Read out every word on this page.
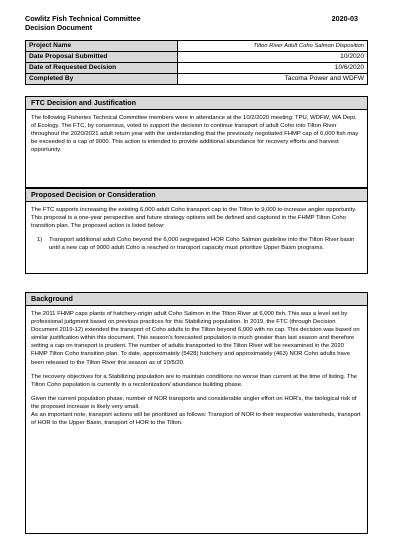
Cowlitz Fish Technical Committee
Decision Document
2020-03
Project Name	Tilton River Adult Coho Salmon Disposition
Date Proposal Submitted	10/2020
Date of Requested Decision	10/6/2020
Completed By	Tacoma Power and WDFW
FTC Decision and Justification

The following Fisheries Technical Committee members were in attendance at the 10/2/2020 meeting: TPU, WDFW, WA Dept. of Ecology. The FTC, by consensus, voted to support the decision to continue transport of adult Coho into Tilton River throughout the 2020/2021 adult return year with the understanding that the previously negotiated FHMP cap of 6,000 fish may be exceeded to a cap of 9000. This action is intended to provide additional abundance for recovery efforts and harvest opportunity.

Proposed Decision or Consideration

The FTC supports increasing the existing 6,000 adult Coho transport cap to the Tilton to 9,000 to increase angler opportunity. This proposal is a one-year perspective and future strategy options will be defined and captured in the FHMP Tilton Coho transition plan. The proposed action is listed below:

1)	Transport additional adult Coho beyond the 6,000 segregated HOR Coho Salmon guideline into the Tilton River basin until a new cap of 9000 adult Coho is reached or transport capacity must prioritize Upper Basin programs.
Background

The 2011 FHMP caps plants of hatchery-origin adult Coho Salmon in the Tilton River at 6,000 fish. This was a level set by professional judgment based on previous practices for this Stabilizing population. In 2019, the FTC (through Decision Document 2019-12) extended the transport of Coho adults to the Tilton beyond 6,000 with no cap. This decision was based on similar justification within this document. This season's forecasted population is much greater than last season and therefore setting a cap on transport is prudent. The number of adults transported to the Tilton River will be reexamined in the 2020 FHMP Tilton Coho transition plan. To date, approximately (5428) hatchery and approximately (463) NOR Coho adults have been released to the Tilton River this season as of 10/5/20.

The recovery objectives for a Stabilizing population are to maintain conditions no worse than current at the time of listing. The Tilton Coho population is currently in a recolonization/ abundance building phase.

Given the current population phase, number of NOR transports and considerable angler effort on HOR's, the biological risk of the proposed increase is likely very small.

As an important note, transport actions will be prioritized as follows: Transport of NOR to their respective watersheds, transport of HOR to the Upper Basin, transport of HOR to the Tilton.
